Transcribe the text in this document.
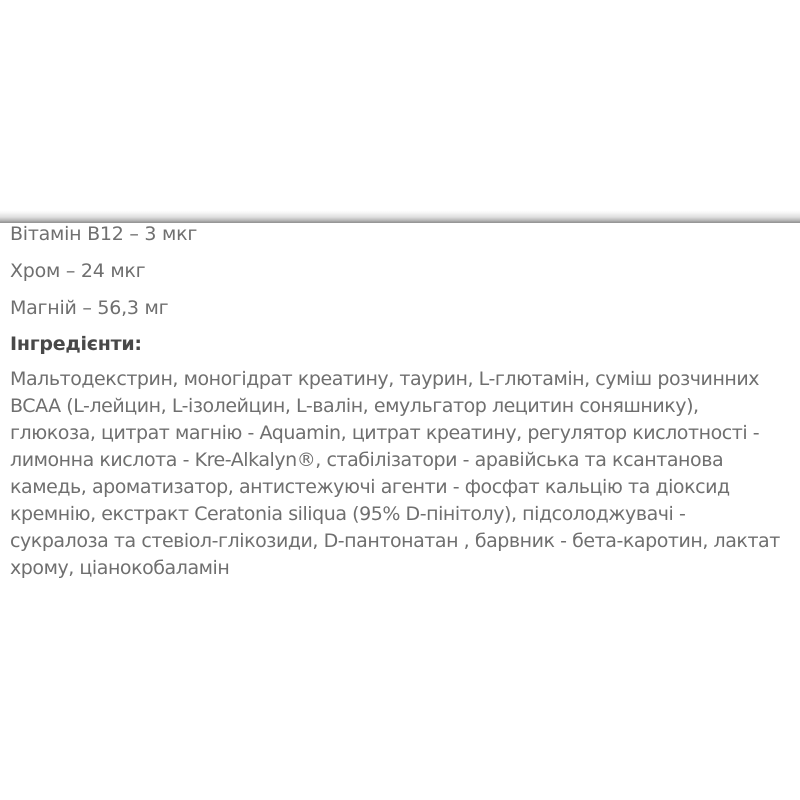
Вітамін B12 – 3 мкг
Хром – 24 мкг
Магній – 56,3 мг
Інгредієнти:
Мальтодекстрин, моногідрат креатину, таурин, L-глютамін, суміш розчинних
BCAA (L-лейцин, L-ізолейцин, L-валін, емульгатор лецитин соняшнику),
глюкоза, цитрат магнію - Aquamin, цитрат креатину, регулятор кислотності -
лимонна кислота - Kre-Alkalyn®, стабілізатори - аравійська та ксантанова
камедь, ароматизатор, антистежуючі агенти - фосфат кальцію та діоксид
кремнію, екстракт Ceratonia siliqua (95% D-пінітолу), підсолоджувачі -
сукралоза та стевіол-глікозиди, D-пантонатан , барвник - бета-каротин, лактат
хрому, ціанокобаламін
